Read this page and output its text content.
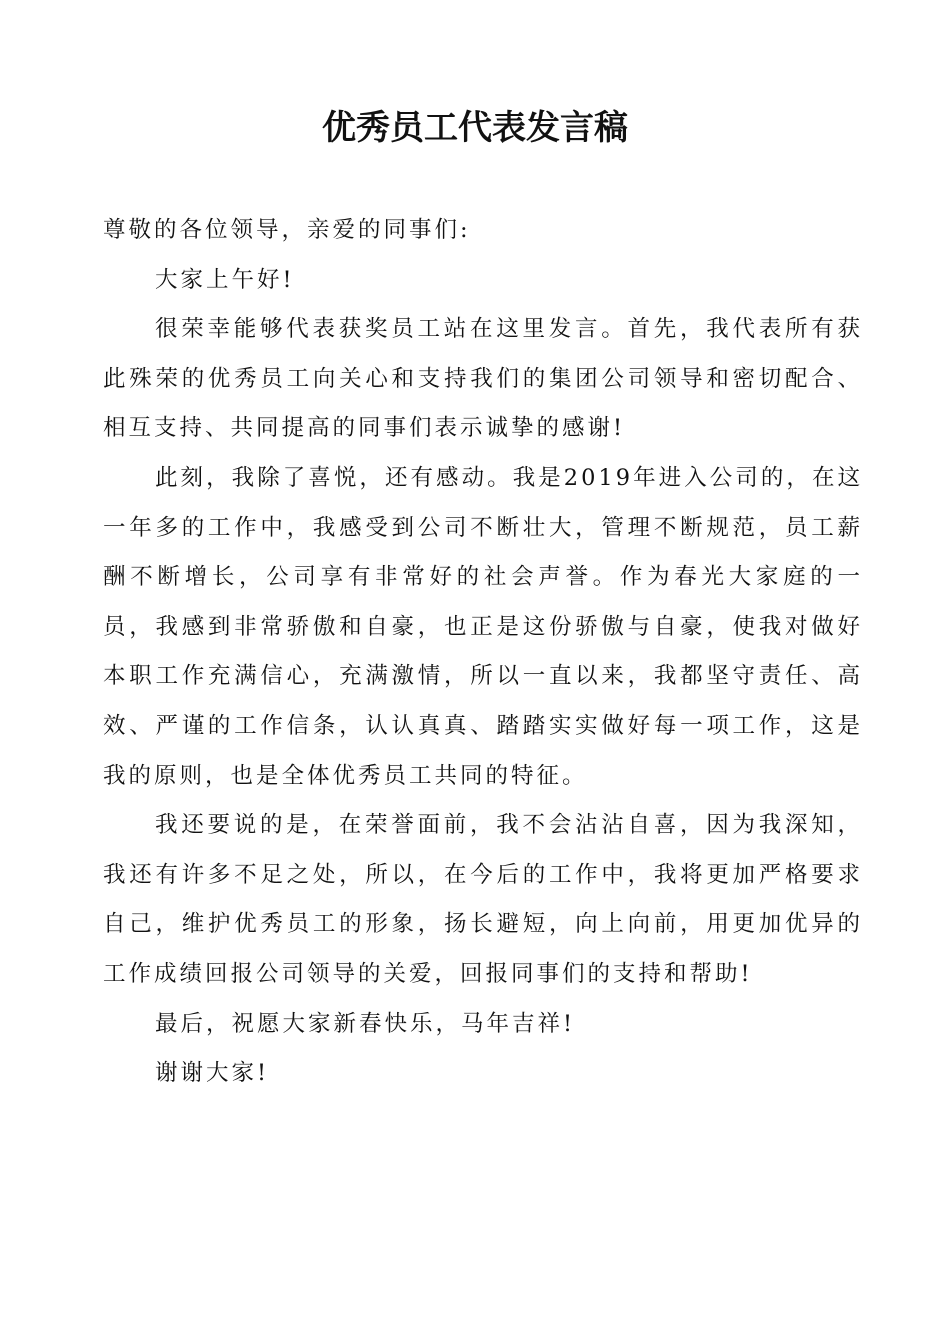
优秀员工代表发言稿

尊敬的各位领导，亲爱的同事们:

大家上午好!

很荣幸能够代表获奖员工站在这里发言。首先，我代表所有获此殊荣的优秀员工向关心和支持我们的集团公司领导和密切配合、相互支持、共同提高的同事们表示诚挚的感谢!

此刻，我除了喜悦，还有感动。我是2019年进入公司的，在这一年多的工作中，我感受到公司不断壮大，管理不断规范，员工薪酬不断增长，公司享有非常好的社会声誉。作为春光大家庭的一员，我感到非常骄傲和自豪，也正是这份骄傲与自豪，使我对做好本职工作充满信心，充满激情，所以一直以来，我都坚守责任、高效、严谨的工作信条，认认真真、踏踏实实做好每一项工作，这是我的原则，也是全体优秀员工共同的特征。

我还要说的是，在荣誉面前，我不会沾沾自喜，因为我深知，我还有许多不足之处，所以，在今后的工作中，我将更加严格要求自己，维护优秀员工的形象，扬长避短，向上向前，用更加优异的工作成绩回报公司领导的关爱，回报同事们的支持和帮助!

最后，祝愿大家新春快乐，马年吉祥!

谢谢大家!
